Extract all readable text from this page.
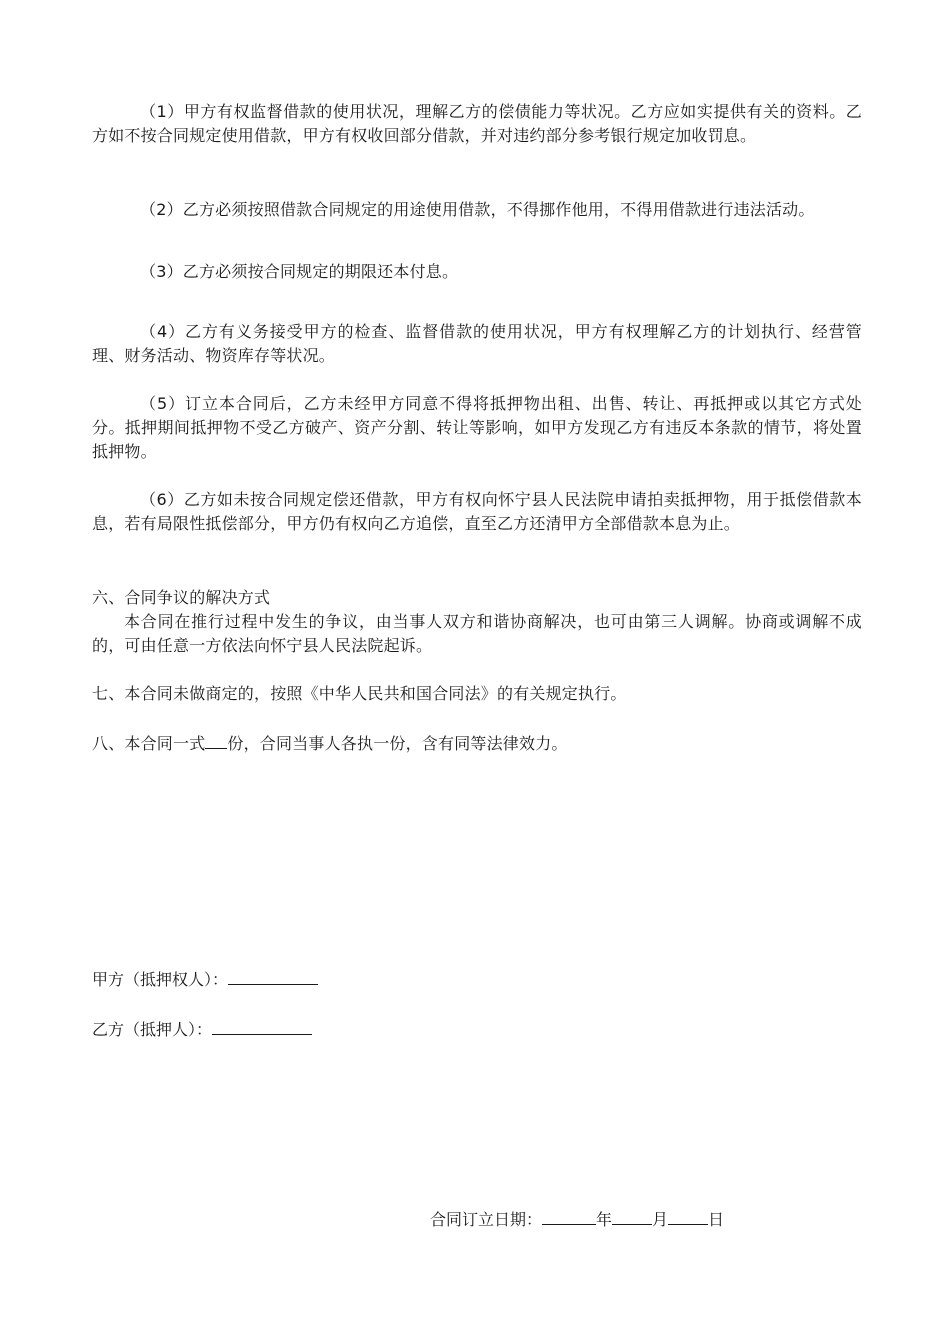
（1）甲方有权监督借款的使用状况，理解乙方的偿债能力等状况。乙方应如实提供有关的资料。乙方如不按合同规定使用借款，甲方有权收回部分借款，并对违约部分参考银行规定加收罚息。

（2）乙方必须按照借款合同规定的用途使用借款，不得挪作他用，不得用借款进行违法活动。

（3）乙方必须按合同规定的期限还本付息。

（4）乙方有义务接受甲方的检查、监督借款的使用状况，甲方有权理解乙方的计划执行、经营管理、财务活动、物资库存等状况。

（5）订立本合同后，乙方未经甲方同意不得将抵押物出租、出售、转让、再抵押或以其它方式处分。抵押期间抵押物不受乙方破产、资产分割、转让等影响，如甲方发现乙方有违反本条款的情节，将处置抵押物。

（6）乙方如未按合同规定偿还借款，甲方有权向怀宁县人民法院申请拍卖抵押物，用于抵偿借款本息，若有局限性抵偿部分，甲方仍有权向乙方追偿，直至乙方还清甲方全部借款本息为止。

六、合同争议的解决方式

本合同在推行过程中发生的争议，由当事人双方和谐协商解决，也可由第三人调解。协商或调解不成的，可由任意一方依法向怀宁县人民法院起诉。

七、本合同未做商定的，按照《中华人民共和国合同法》的有关规定执行。

八、本合同一式 份，合同当事人各执一份，含有同等法律效力。

甲方（抵押权人）：
乙方（抵押人）：
合同订立日期：	年	月	日
